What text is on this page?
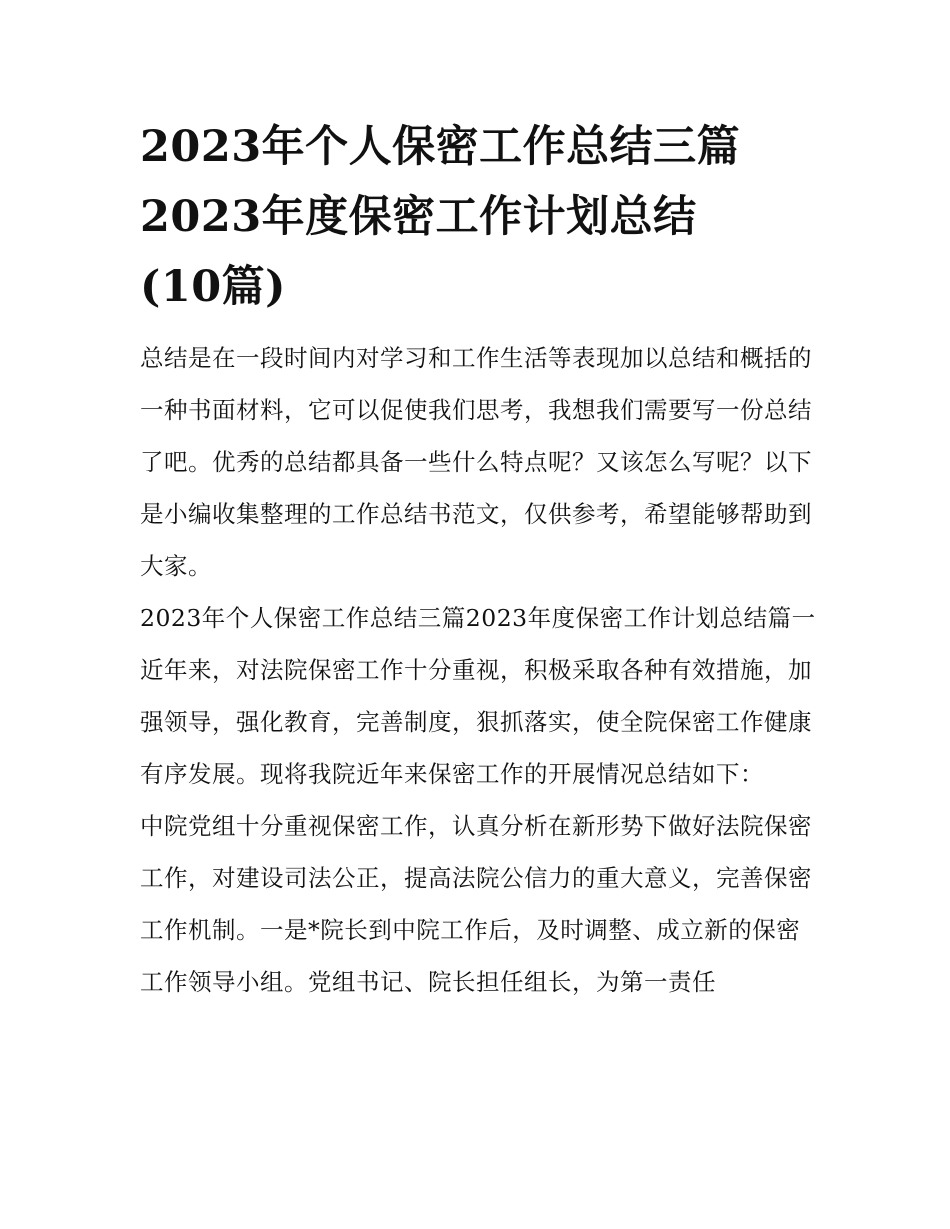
2023年个人保密工作总结三篇
2023年度保密工作计划总结
(10篇)

总结是在一段时间内对学习和工作生活等表现加以总结和概括的一种书面材料，它可以促使我们思考，我想我们需要写一份总结了吧。优秀的总结都具备一些什么特点呢？又该怎么写呢？以下是小编收集整理的工作总结书范文，仅供参考，希望能够帮助到大家。

2023年个人保密工作总结三篇2023年度保密工作计划总结篇一

近年来，对法院保密工作十分重视，积极采取各种有效措施，加强领导，强化教育，完善制度，狠抓落实，使全院保密工作健康有序发展。现将我院近年来保密工作的开展情况总结如下：

中院党组十分重视保密工作，认真分析在新形势下做好法院保密工作，对建设司法公正，提高法院公信力的重大意义，完善保密工作机制。一是*院长到中院工作后，及时调整、成立新的保密工作领导小组。党组书记、院长担任组长，为第一责任
